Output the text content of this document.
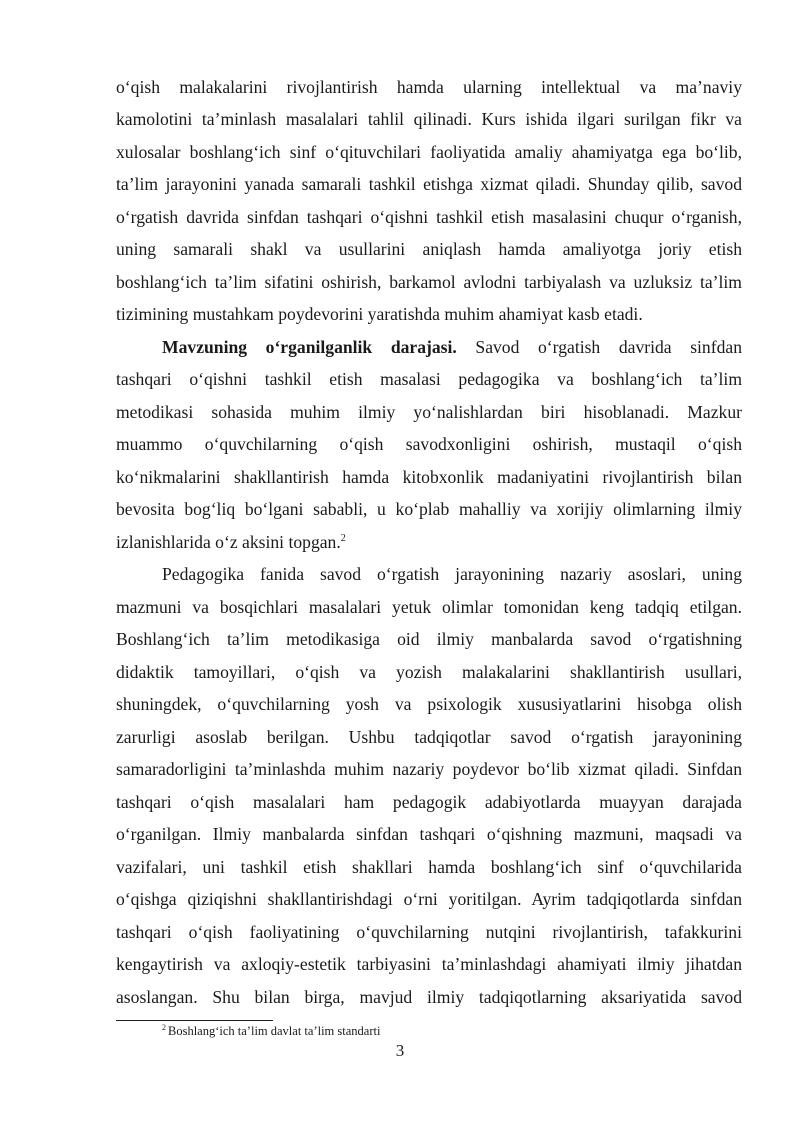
o‘qish malakalarini rivojlantirish hamda ularning intellektual va ma’naviy
kamolotini ta’minlash masalalari tahlil qilinadi. Kurs ishida ilgari surilgan fikr va
xulosalar boshlang‘ich sinf o‘qituvchilari faoliyatida amaliy ahamiyatga ega bo‘lib,
ta’lim jarayonini yanada samarali tashkil etishga xizmat qiladi. Shunday qilib, savod
o‘rgatish davrida sinfdan tashqari o‘qishni tashkil etish masalasini chuqur o‘rganish,
uning samarali shakl va usullarini aniqlash hamda amaliyotga joriy etish
boshlang‘ich ta’lim sifatini oshirish, barkamol avlodni tarbiyalash va uzluksiz ta’lim
tizimining mustahkam poydevorini yaratishda muhim ahamiyat kasb etadi.
Mavzuning o‘rganilganlik darajasi. Savod o‘rgatish davrida sinfdan
tashqari o‘qishni tashkil etish masalasi pedagogika va boshlang‘ich ta’lim
metodikasi sohasida muhim ilmiy yo‘nalishlardan biri hisoblanadi. Mazkur
muammo o‘quvchilarning o‘qish savodxonligini oshirish, mustaqil o‘qish
ko‘nikmalarini shakllantirish hamda kitobxonlik madaniyatini rivojlantirish bilan
bevosita bog‘liq bo‘lgani sababli, u ko‘plab mahalliy va xorijiy olimlarning ilmiy
izlanishlarida o‘z aksini topgan.$^2$
Pedagogika fanida savod o‘rgatish jarayonining nazariy asoslari, uning
mazmuni va bosqichlari masalalari yetuk olimlar tomonidan keng tadqiq etilgan.
Boshlang‘ich ta’lim metodikasiga oid ilmiy manbalarda savod o‘rgatishning
didaktik tamoyillari, o‘qish va yozish malakalarini shakllantirish usullari,
shuningdek, o‘quvchilarning yosh va psixologik xususiyatlarini hisobga olish
zarurligi asoslab berilgan. Ushbu tadqiqotlar savod o‘rgatish jarayonining
samaradorligini ta’minlashda muhim nazariy poydevor bo‘lib xizmat qiladi. Sinfdan
tashqari o‘qish masalalari ham pedagogik adabiyotlarda muayyan darajada
o‘rganilgan. Ilmiy manbalarda sinfdan tashqari o‘qishning mazmuni, maqsadi va
vazifalari, uni tashkil etish shakllari hamda boshlang‘ich sinf o‘quvchilarida
o‘qishga qiziqishni shakllantirishdagi o‘rni yoritilgan. Ayrim tadqiqotlarda sinfdan
tashqari o‘qish faoliyatining o‘quvchilarning nutqini rivojlantirish, tafakkurini
kengaytirish va axloqiy-estetik tarbiyasini ta’minlashdagi ahamiyati ilmiy jihatdan
asoslangan. Shu bilan birga, mavjud ilmiy tadqiqotlarning aksariyatida savod
$^2$ Boshlang‘ich ta’lim davlat ta’lim standarti
3
